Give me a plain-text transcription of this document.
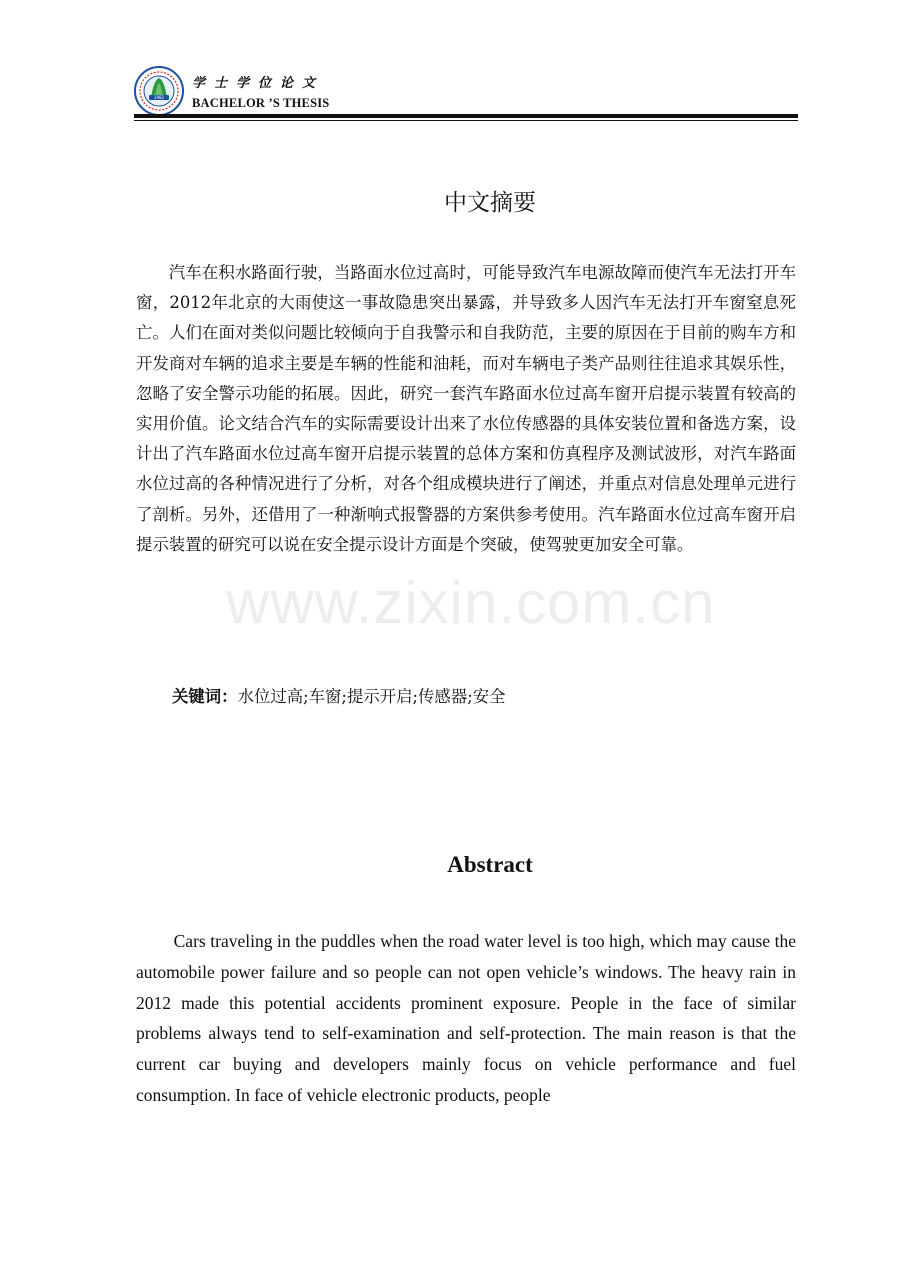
1982
学士学位论文
BACHELOR ’S THESIS
中文摘要

汽车在积水路面行驶，当路面水位过高时，可能导致汽车电源故障而使汽车无法打开车窗，2012年北京的大雨使这一事故隐患突出暴露，并导致多人因汽车无法打开车窗窒息死亡。人们在面对类似问题比较倾向于自我警示和自我防范，主要的原因在于目前的购车方和开发商对车辆的追求主要是车辆的性能和油耗，而对车辆电子类产品则往往追求其娱乐性，忽略了安全警示功能的拓展。因此，研究一套汽车路面水位过高车窗开启提示装置有较高的实用价值。论文结合汽车的实际需要设计出来了水位传感器的具体安装位置和备选方案，设计出了汽车路面水位过高车窗开启提示装置的总体方案和仿真程序及测试波形，对汽车路面水位过高的各种情况进行了分析，对各个组成模块进行了阐述，并重点对信息处理单元进行了剖析。另外，还借用了一种渐响式报警器的方案供参考使用。汽车路面水位过高车窗开启提示装置的研究可以说在安全提示设计方面是个突破，使驾驶更加安全可靠。

关键词：水位过高;车窗;提示开启;传感器;安全
www.zixin.com.cn
Abstract

Cars traveling in the puddles when the road water level is too high, which may cause the automobile power failure and so people can not open vehicle’s windows. The heavy rain in 2012 made this potential accidents prominent exposure. People in the face of similar problems always tend to self-examination and self-protection. The main reason is that the current car buying and developers mainly focus on vehicle performance and fuel consumption. In face of vehicle electronic products, people
